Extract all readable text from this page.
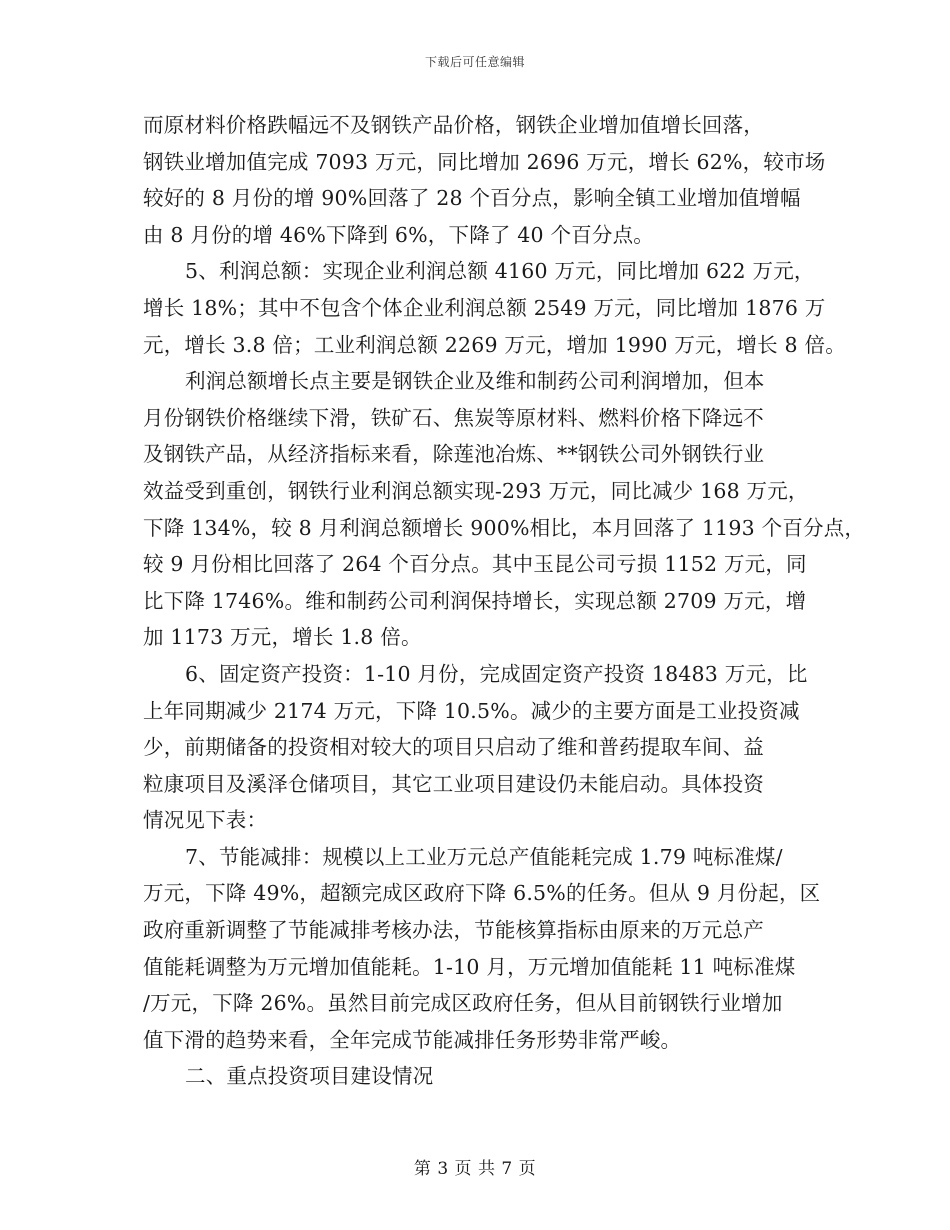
下载后可任意编辑
而原材料价格跌幅远不及钢铁产品价格，钢铁企业增加值增长回落，
钢铁业增加值完成 7093 万元，同比增加 2696 万元，增长 62%，较市场
较好的 8 月份的增 90%回落了 28 个百分点，影响全镇工业增加值增幅
由 8 月份的增 46%下降到 6%，下降了 40 个百分点。
5、利润总额：实现企业利润总额 4160 万元，同比增加 622 万元，
增长 18%；其中不包含个体企业利润总额 2549 万元，同比增加 1876 万
元，增长 3.8 倍；工业利润总额 2269 万元，增加 1990 万元，增长 8 倍。
利润总额增长点主要是钢铁企业及维和制药公司利润增加，但本
月份钢铁价格继续下滑，铁矿石、焦炭等原材料、燃料价格下降远不
及钢铁产品，从经济指标来看，除莲池冶炼、**钢铁公司外钢铁行业
效益受到重创，钢铁行业利润总额实现-293 万元，同比减少 168 万元，
下降 134%，较 8 月利润总额增长 900%相比，本月回落了 1193 个百分点，
较 9 月份相比回落了 264 个百分点。其中玉昆公司亏损 1152 万元，同
比下降 1746%。维和制药公司利润保持增长，实现总额 2709 万元，增
加 1173 万元，增长 1.8 倍。
6、固定资产投资：1-10 月份，完成固定资产投资 18483 万元，比
上年同期减少 2174 万元，下降 10.5%。减少的主要方面是工业投资减
少，前期储备的投资相对较大的项目只启动了维和普药提取车间、益
粒康项目及溪泽仓储项目，其它工业项目建设仍未能启动。具体投资
情况见下表：
7、节能减排：规模以上工业万元总产值能耗完成 1.79 吨标准煤/
万元，下降 49%，超额完成区政府下降 6.5%的任务。但从 9 月份起，区
政府重新调整了节能减排考核办法，节能核算指标由原来的万元总产
值能耗调整为万元增加值能耗。1-10 月，万元增加值能耗 11 吨标准煤
/万元，下降 26%。虽然目前完成区政府任务，但从目前钢铁行业增加
值下滑的趋势来看，全年完成节能减排任务形势非常严峻。
二、重点投资项目建设情况
第 3 页 共 7 页
